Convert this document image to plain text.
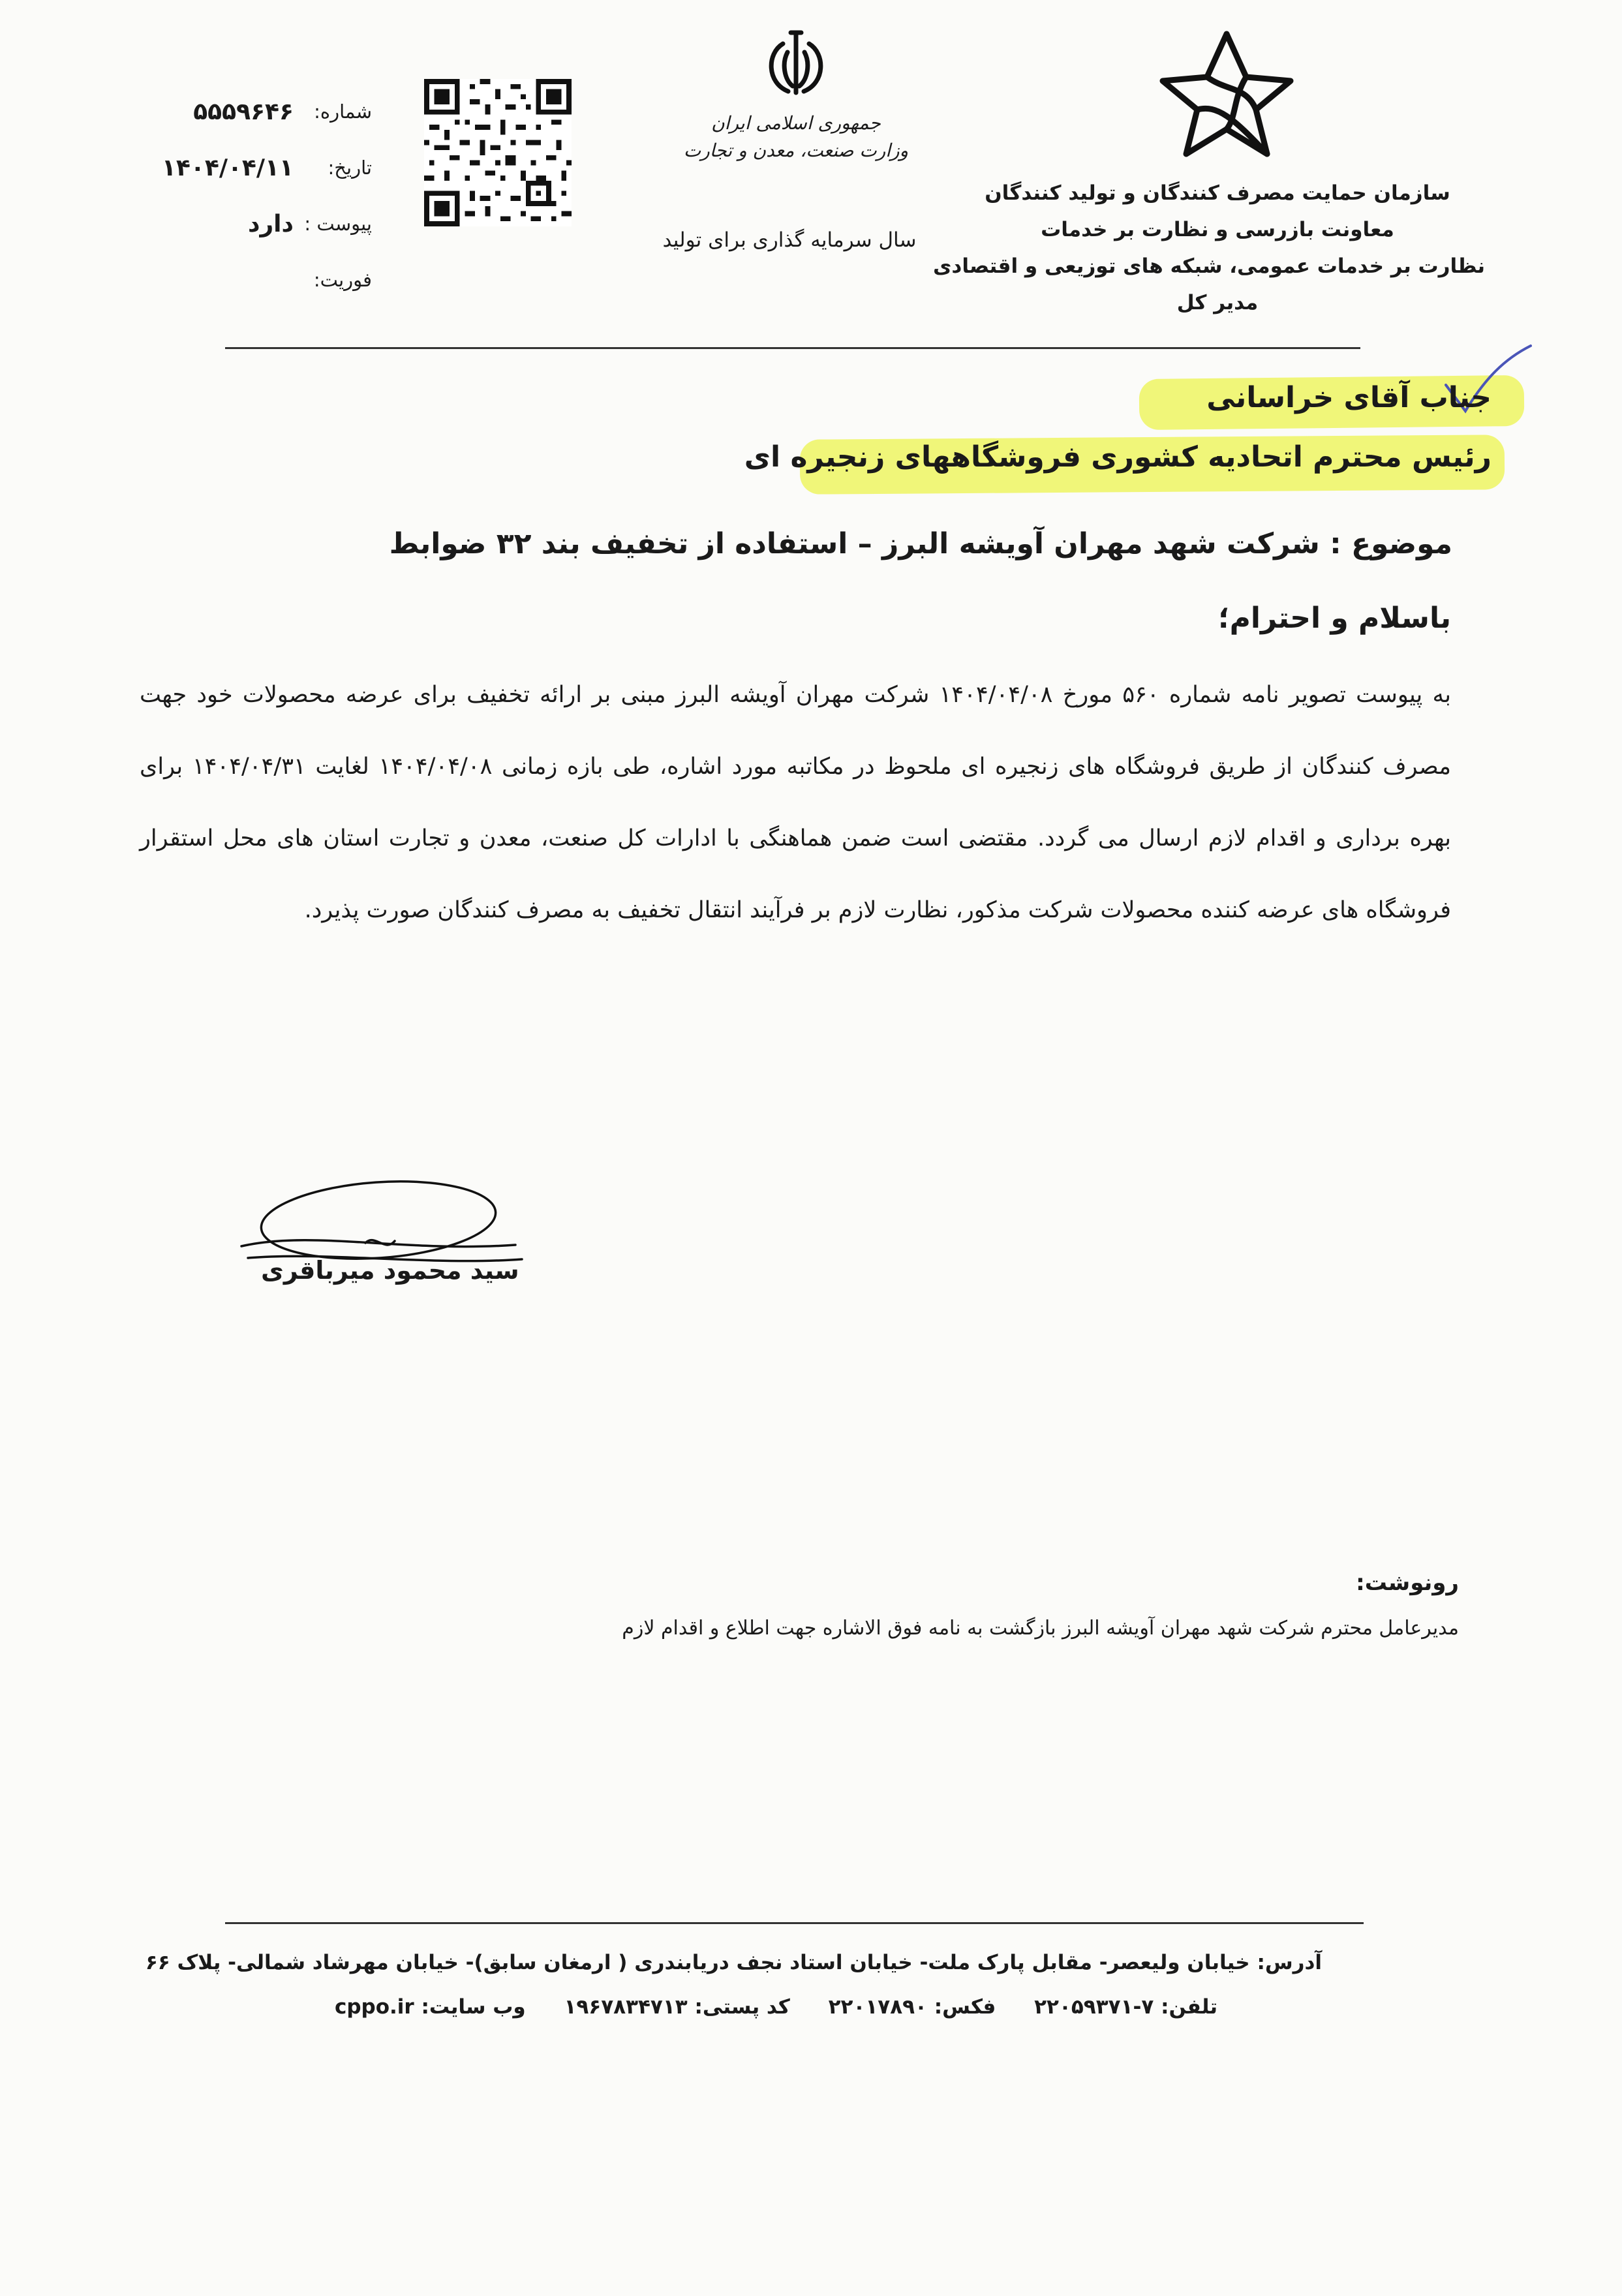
سازمان حمایت مصرف کنندگان و تولید کنندگان
معاونت بازرسی و نظارت بر خدمات
نظارت بر خدمات عمومی، شبکه های توزیعی و اقتصادی
مدیر کل
جمهوری اسلامی ایران
وزارت صنعت، معدن و تجارت
سال سرمایه گذاری برای تولید
شماره:
۵۵۵۹۶۴۶
تاریخ:
۱۴۰۴/۰۴/۱۱
پیوست :
دارد
فوریت:
جناب آقای خراسانی
رئیس محترم اتحادیه کشوری فروشگاههای زنجیره ای
موضوع : شرکت شهد مهران آویشه البرز – استفاده از تخفیف بند ۳۲ ضوابط
باسلام و احترام؛
به پیوست تصویر نامه شماره ۵۶۰ مورخ ۱۴۰۴/۰۴/۰۸ شرکت مهران آویشه البرز مبنی بر ارائه تخفیف برای عرضه محصولات خود جهت مصرف کنندگان از طریق فروشگاه های زنجیره ای ملحوظ در مکاتبه مورد اشاره، طی بازه زمانی ۱۴۰۴/۰۴/۰۸ لغایت ۱۴۰۴/۰۴/۳۱ برای بهره برداری و اقدام لازم ارسال می گردد. مقتضی است ضمن هماهنگی با ادارات کل صنعت، معدن و تجارت استان های محل استقرار فروشگاه های عرضه کننده محصولات شرکت مذکور، نظارت لازم بر فرآیند انتقال تخفیف به مصرف کنندگان صورت پذیرد.
سید محمود میرباقری
رونوشت:
مدیرعامل محترم شرکت شهد مهران آویشه البرز بازگشت به نامه فوق الاشاره جهت اطلاع و اقدام لازم
آدرس: خیابان ولیعصر- مقابل پارک ملت- خیابان استاد نجف دریابندری ( ارمغان سابق)- خیابان مهرشاد شمالی- پلاک ۶۶
تلفن: ۷-۲۲۰۵۹۳۷۱ فکس: ۲۲۰۱۷۸۹۰ کد پستی: ۱۹۶۷۸۳۴۷۱۳ وب سایت: cppo.ir
